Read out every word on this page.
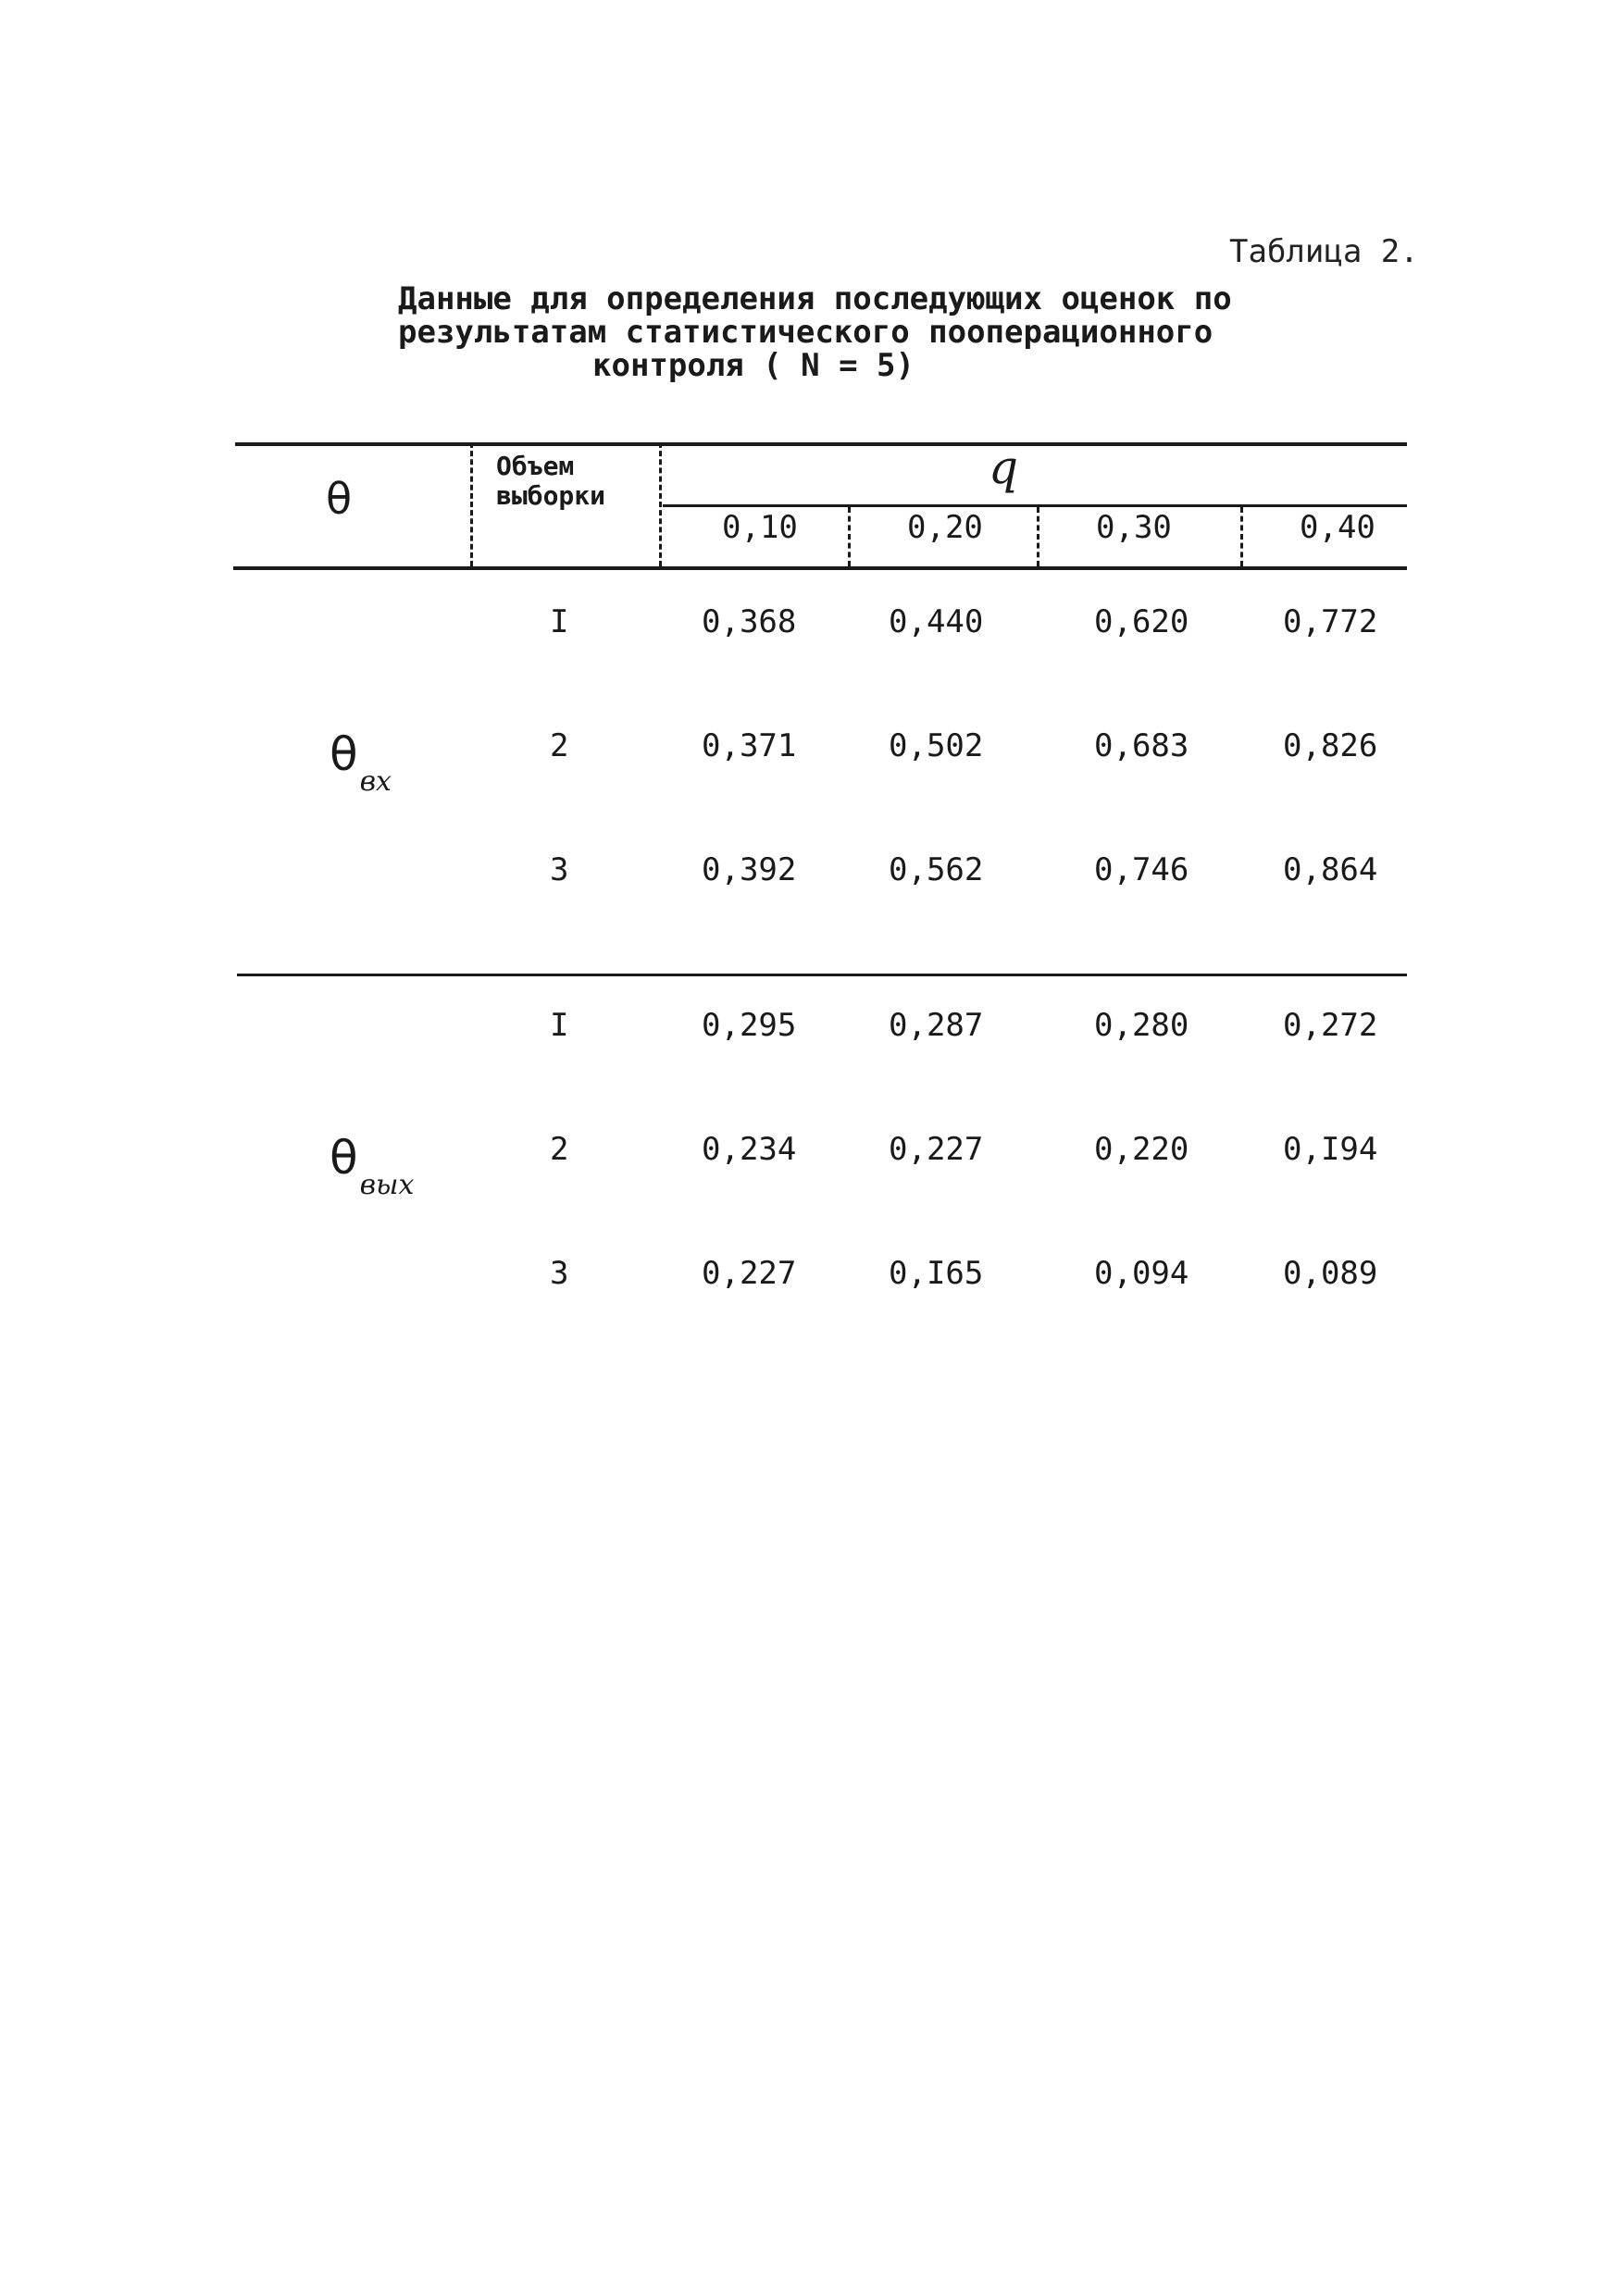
Таблица 2.
Данные для определения последующих оценок по
результатам статистического пооперационного
контроля ( N = 5)
θ
Объем
выборки
q
0,10	0,20	0,30	0,40
$\theta_{вх}$
I	0,368	0,440	0,620	0,772
2	0,371	0,502	0,683	0,826
3	0,392	0,562	0,746	0,864
$\theta_{вых}$
I	0,295	0,287	0,280	0,272
2	0,234	0,227	0,220	0,I94
3	0,227	0,I65	0,094	0,089
